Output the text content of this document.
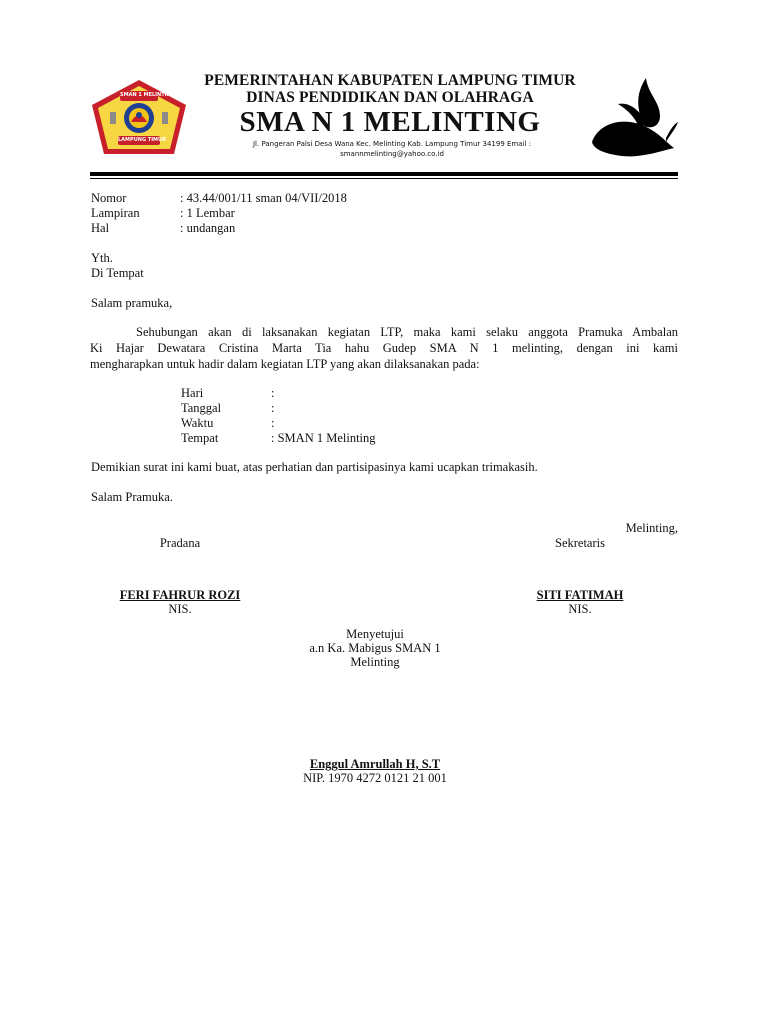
SMAN 1 MELINTING
LAMPUNG TIMUR
PEMERINTAHAN KABUPATEN LAMPUNG TIMUR
DINAS PENDIDIKAN DAN OLAHRAGA
SMA N 1 MELINTING
Jl. Pangeran Palsi Desa Wana Kec. Melinting Kab. Lampung Timur 34199 Email :
smannmelinting@yahoo.co.id
Nomor	: 43.44/001/11 sman 04/VII/2018
Lampiran	: 1 Lembar
Hal	: undangan
Yth.
Di Tempat
Salam pramuka,
Sehubungan akan di laksanakan kegiatan LTP, maka kami selaku anggota Pramuka Ambalan
Ki Hajar Dewatara Cristina Marta Tia hahu Gudep SMA N 1 melinting, dengan ini kami
mengharapkan untuk hadir dalam kegiatan LTP yang akan dilaksanakan pada:
Hari	:
Tanggal	:
Waktu	:
Tempat	: SMAN 1 Melinting
Demikian surat ini kami buat, atas perhatian dan partisipasinya kami ucapkan trimakasih.
Salam Pramuka.
Melinting,
Pradana	Sekretaris
FERI FAHRUR ROZI
NIS.
SITI FATIMAH
NIS.
Menyetujui
a.n Ka. Mabigus SMAN 1
Melinting
Enggul Amrullah H, S.T
NIP. 1970 4272 0121 21 001
